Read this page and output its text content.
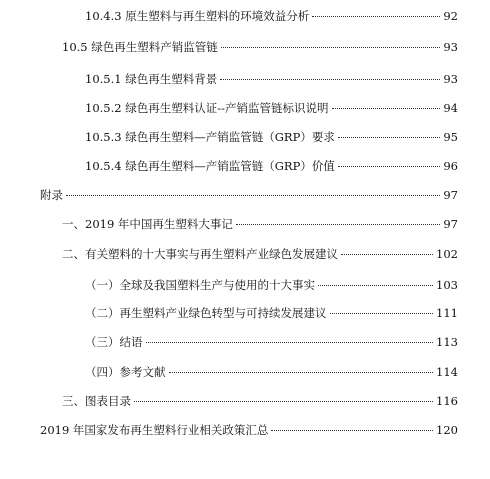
10.4.3 原生塑料与再生塑料的环境效益分析	92
10.5 绿色再生塑料产销监管链	93
10.5.1 绿色再生塑料背景	93
10.5.2 绿色再生塑料认证--产销监管链标识说明	94
10.5.3 绿色再生塑料—产销监管链（GRP）要求	95
10.5.4 绿色再生塑料—产销监管链（GRP）价值	96
附录	97
一、2019 年中国再生塑料大事记	97
二、有关塑料的十大事实与再生塑料产业绿色发展建议	102
（一）全球及我国塑料生产与使用的十大事实	103
（二）再生塑料产业绿色转型与可持续发展建议	111
（三）结语	113
（四）参考文献	114
三、图表目录	116
2019 年国家发布再生塑料行业相关政策汇总	120
